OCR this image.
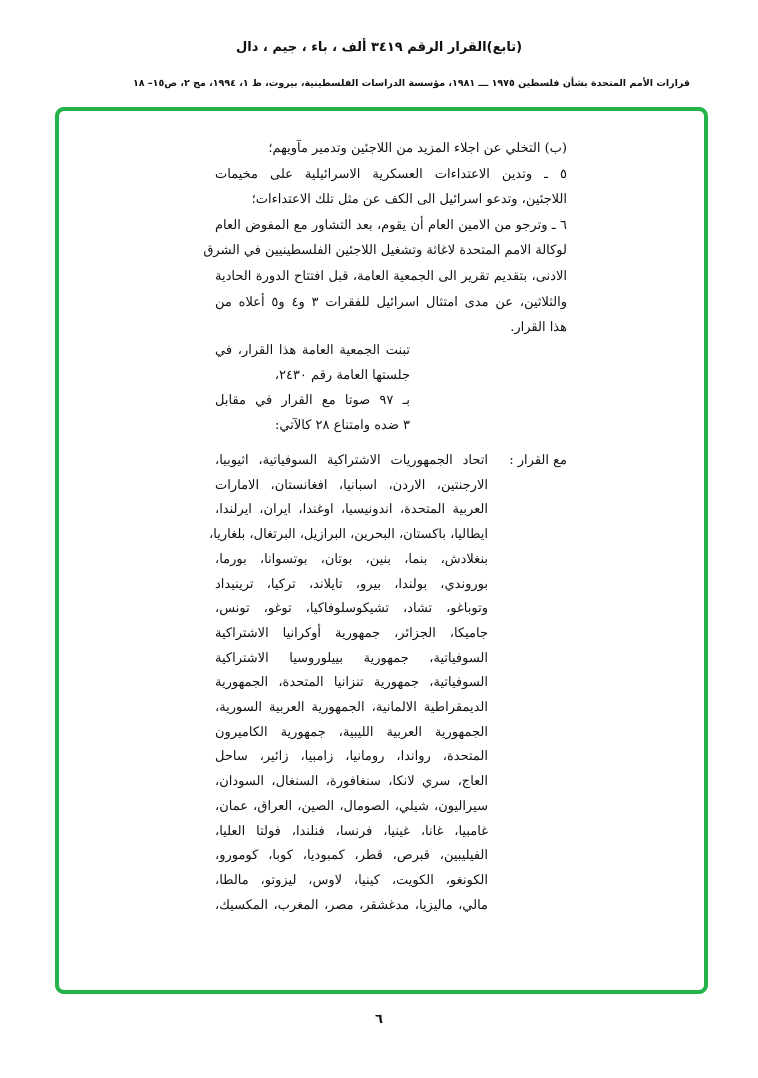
(تابع)القرار الرقم ٣٤١٩ ألف ، باء ، جيم ، دال
قرارات الأمم المتحدة بشأن فلسطين ١٩٧٥ ـــ ١٩٨١، مؤسسة الدراسات الفلسطينية، بيروت، ط ١، ١٩٩٤، مج ٢، ص١٥– ١٨
(ب) التخلي عن اجلاء المزيد من اللاجئين وتدمير مآويهم؛
٥ ـ وتدين الاعتداءات العسكرية الاسرائيلية على مخيمات
اللاجئين، وتدعو اسرائيل الى الكف عن مثل تلك الاعتداءات؛
٦ ـ وترجو من الامين العام أن يقوم، بعد التشاور مع المفوض العام
لوكالة الامم المتحدة لاغاثة وتشغيل اللاجئين الفلسطينيين في الشرق
الادنى، بتقديم تقرير الى الجمعية العامة، قبل افتتاح الدورة الحادية
والثلاثين، عن مدى امتثال اسرائيل للفقرات ٣ و٤ و٥ أعلاه من
هذا القرار.
تبنت الجمعية العامة هذا القرار، في
جلستها العامة رقم ٢٤٣٠،
بـ ٩٧ صوتا مع القرار في مقابل
٣ ضده وامتناع ٢٨ كالآتي:
مع القرار :
اتحاد الجمهوريات الاشتراكية السوفياتية، اثيوبيا،
الارجنتين، الاردن، اسبانيا، افغانستان، الامارات
العربية المتحدة، اندونيسيا، اوغندا، ايران، ايرلندا،
ايطاليا، باكستان، البحرين، البرازيل، البرتغال، بلغاريا،
بنغلادش، بنما، بنين، بوتان، بوتسوانا، بورما،
بوروندي، بولندا، بيرو، تايلاند، تركيا، ترينيداد
وتوباغو، تشاد، تشيكوسلوفاكيا، توغو، تونس،
جاميكا، الجزائر، جمهورية أوكرانيا الاشتراكية
السوفياتية، جمهورية بييلوروسيا الاشتراكية
السوفياتية، جمهورية تنزانيا المتحدة، الجمهورية
الديمقراطية الالمانية، الجمهورية العربية السورية،
الجمهورية العربية الليبية، جمهورية الكاميرون
المتحدة، رواندا، رومانيا، زامبيا، زائير، ساحل
العاج، سري لانكا، سنغافورة، السنغال، السودان،
سيراليون، شيلي، الصومال، الصين، العراق، عمان،
غامبيا، غانا، غينيا، فرنسا، فنلندا، فولتا العليا،
الفيليبين، قبرص، قطر، كمبوديا، كوبا، كومورو،
الكونغو، الكويت، كينيا، لاوس، ليزوتو، مالطا،
مالي، ماليزيا، مدغشقر، مصر، المغرب، المكسيك،
٦
